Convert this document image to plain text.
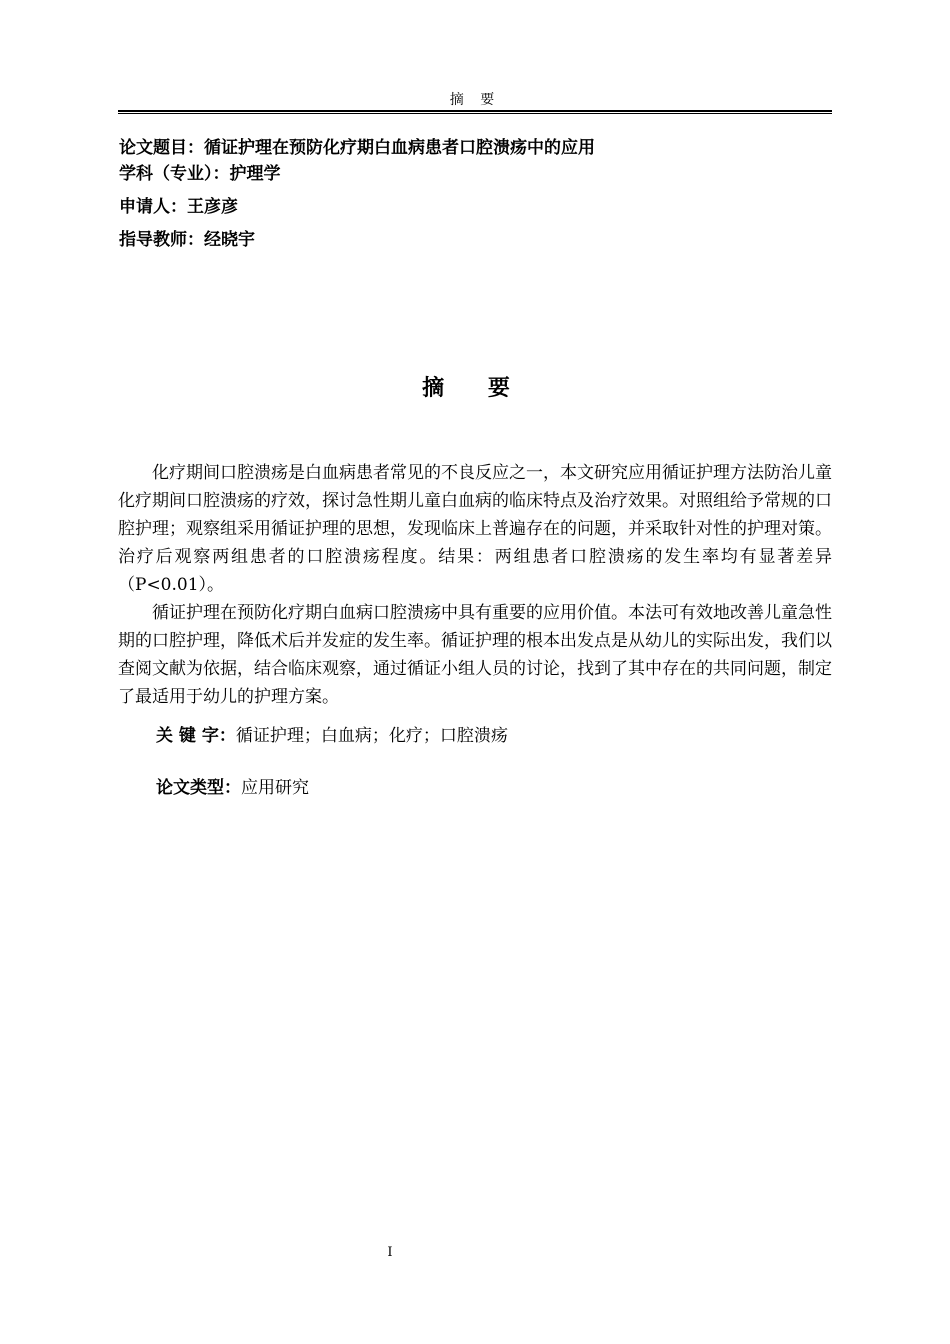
摘 要
论文题目：循证护理在预防化疗期白血病患者口腔溃疡中的应用
学科（专业）：护理学
申请人：王彦彦
指导教师：经晓宇
摘 要

化疗期间口腔溃疡是白血病患者常见的不良反应之一，本文研究应用循证护理方法防治儿童化疗期间口腔溃疡的疗效，探讨急性期儿童白血病的临床特点及治疗效果。对照组给予常规的口腔护理；观察组采用循证护理的思想，发现临床上普遍存在的问题，并采取针对性的护理对策。治疗后观察两组患者的口腔溃疡程度。结果：两组患者口腔溃疡的发生率均有显著差异（P<0.01）。

循证护理在预防化疗期白血病口腔溃疡中具有重要的应用价值。本法可有效地改善儿童急性期的口腔护理，降低术后并发症的发生率。循证护理的根本出发点是从幼儿的实际出发，我们以查阅文献为依据，结合临床观察，通过循证小组人员的讨论，找到了其中存在的共同问题，制定了最适用于幼儿的护理方案。

关 键 字：循证护理；白血病；化疗；口腔溃疡
论文类型：应用研究
I
